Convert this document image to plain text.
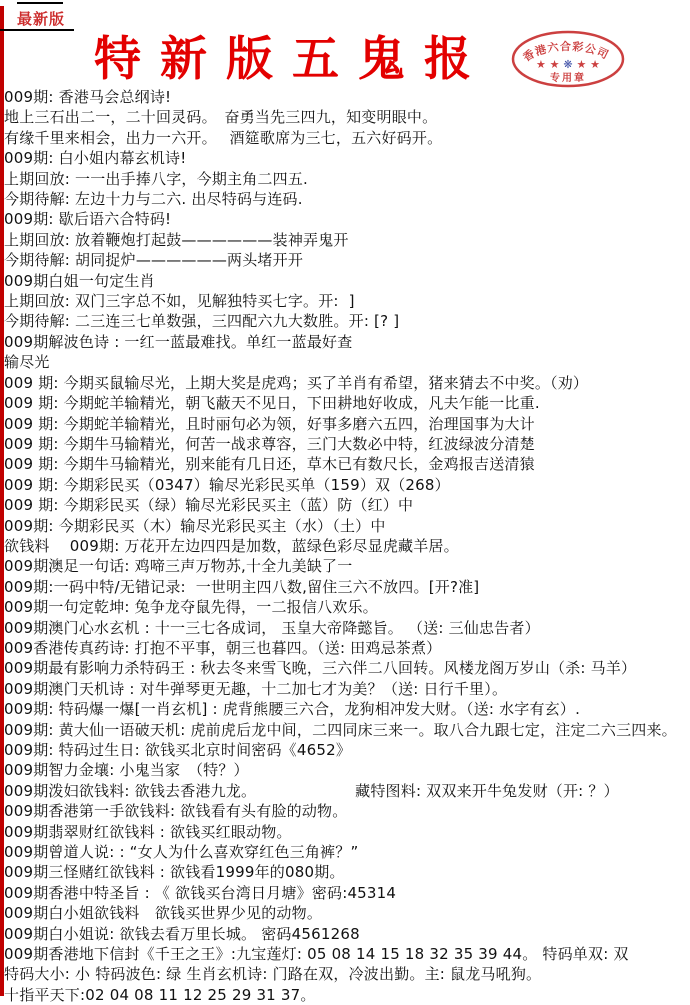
最新版
特新版五鬼报	香港六合彩公司
★ ★ ❋ ★ ★
专用章
009期: 香港马会总纲诗!
地上三石出二一，二十回灵码。　奋勇当先三四九，知变明眼中。
有缘千里来相会，出力一六开。　 酒筵歌席为三七，五六好码开。
009期: 白小姐内幕玄机诗!
上期回放: 一一出手捧八字，今期主角二四五.
今期待解: 左边十力与二六. 出尽特码与连码.
009期: 歇后语六合特码!
上期回放: 放着鞭炮打起鼓——————装神弄鬼开
今期待解: 胡同捉炉——————两头堵开开
009期白姐一句定生肖
上期回放: 双门三字总不如，见解独特买七字。开:  ]
今期待解: 二三连三七单数强，三四配六九大数胜。开: [? ]
009期解波色诗 : 一红一蓝最难找。单红一蓝最好查
输尽光
009 期: 今期买鼠输尽光，上期大奖是虎鸡；买了羊肖有希望，猪来猜去不中奖。（劝）
009 期: 今期蛇羊输精光，朝飞蔽天不见日，下田耕地好收成，凡夫乍能一比重.
009 期: 今期蛇羊输精光，且时丽句必为领，好事多磨六五四，治理国事为大计
009 期: 今期牛马输精光，何苦一战求尊容，三门大数必中特，红波绿波分清楚
009 期: 今期牛马输精光，别来能有几日还，草木已有数尺长，金鸡报吉送清猿
009 期: 今期彩民买（0347）输尽光彩民买单（159）双（268）
009 期: 今期彩民买（绿）输尽光彩民买主（蓝）防（红）中
009期: 今期彩民买（木）输尽光彩民买主（水）（土）中
欲钱料　 009期: 万花开左边四四是加数，蓝绿色彩尽显虎藏羊居。
009期澳足一句话: 鸡啼三声万物苏,十全九美缺了一
009期:一码中特/无错记录:  一世明主四八数,留住三六不放四。[开?准]
009期一句定乾坤: 兔争龙夺鼠先得，一二报信八欢乐。
009期澳门心水玄机 : 十一三七各成词， 玉皇大帝降懿旨。 （送: 三仙忠告者）
009香港传真药诗: 打抱不平事，朝三也暮四。（送: 田鸡忌茶煮）
009期最有影响力杀特码王 : 秋去冬来雪飞晚，三六伴二八回转。风楼龙阁万岁山（杀: 马羊）
009期澳门天机诗 : 对牛弹琴更无趣，十二加七才为美？（送: 日行千里）。
009期: 特码爆一爆[一肖玄机] : 虎背熊腰三六合，龙狗相冲发大财。（送: 水字有玄）.
009期: 黄大仙一语破天机: 虎前虎后龙中间，二四同床三来一。取八合九跟七定，注定二六三四来。
009期: 特码过生日: 欲钱买北京时间密码《4652》
009期智力金壤: 小鬼当家　（特？）
009期泼妇欲钱料: 欲钱去香港九龙。　　　　　　　藏特图料: 双双来开牛兔发财（开: ？）
009期香港第一手欲钱料: 欲钱看有头有脸的动物。
009期翡翠财红欲钱料 : 欲钱买红眼动物。
009期曾道人说: : “女人为什么喜欢穿红色三角裤？”
009期三怪赌红欲钱料 : 欲钱看1999年的080期。
009期香港中特圣旨 : 《 欲钱买台湾日月塘》密码:45314
009期白小姐欲钱料　欲钱买世界少见的动物。
009期白小姐说: 欲钱去看万里长城。 密码4561268
009期香港地下信封《千王之王》:九宝莲灯: 05 08 14 15 18 32 35 39 44。 特码单双: 双
特码大小: 小 特码波色: 绿 生肖玄机诗: 门路在双，冷波出勤。主: 鼠龙马吼狗。
十指平天下:02 04 08 11 12 25 29 31 37。
